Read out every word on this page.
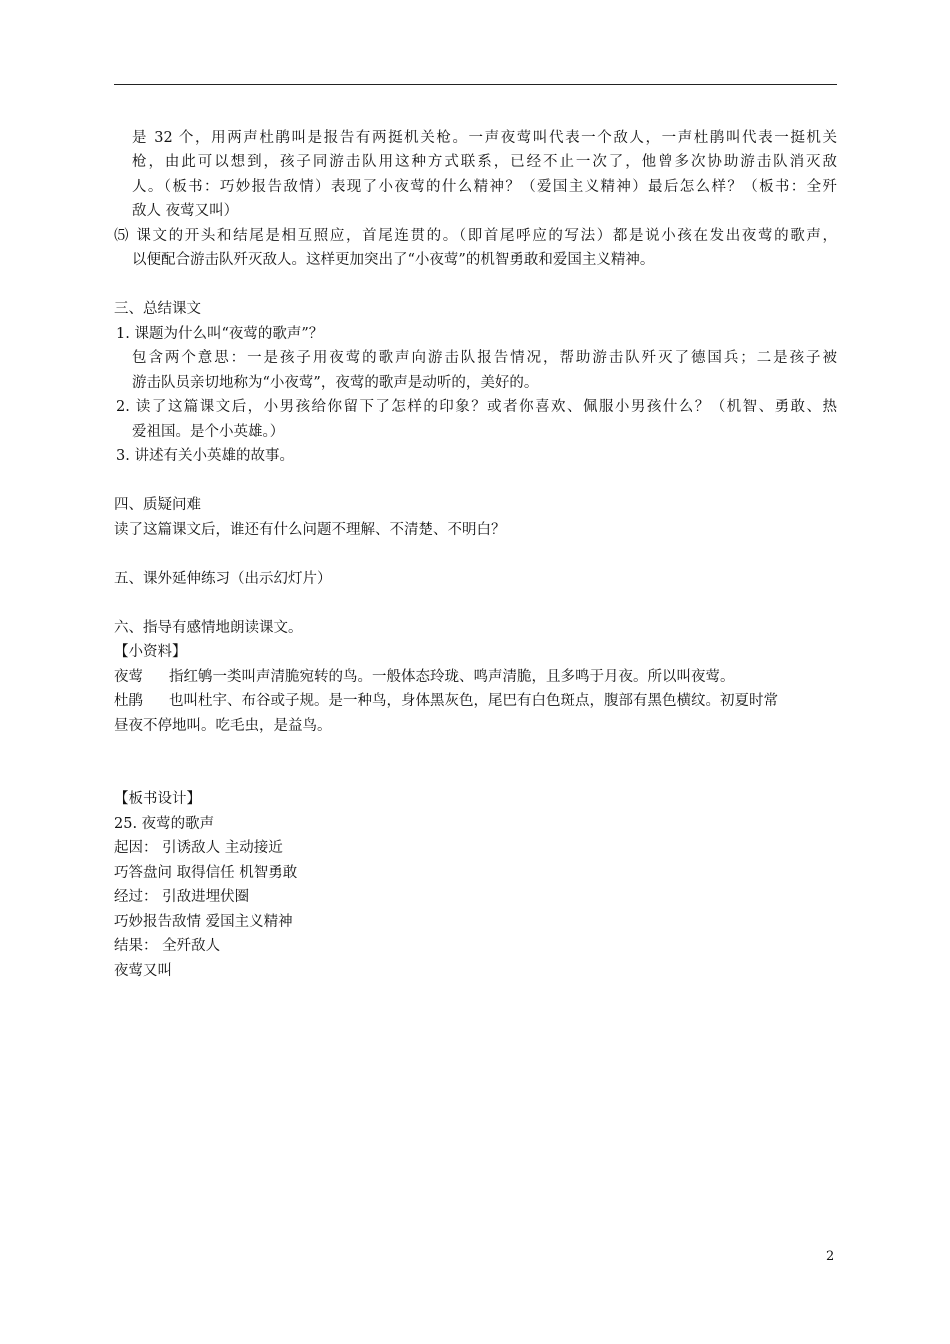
是 32 个，用两声杜鹃叫是报告有两挺机关枪。一声夜莺叫代表一个敌人，一声杜鹃叫代表一挺机关
枪，由此可以想到，孩子同游击队用这种方式联系，已经不止一次了，他曾多次协助游击队消灭敌
人。（板书：巧妙报告敌情）表现了小夜莺的什么精神？（爱国主义精神）最后怎么样？（板书：全歼
敌人 夜莺又叫）
⑸ 课文的开头和结尾是相互照应，首尾连贯的。（即首尾呼应的写法）都是说小孩在发出夜莺的歌声，
以便配合游击队歼灭敌人。这样更加突出了“小夜莺”的机智勇敢和爱国主义精神。
三、总结课文
1. 课题为什么叫“夜莺的歌声”？
包含两个意思：一是孩子用夜莺的歌声向游击队报告情况，帮助游击队歼灭了德国兵；二是孩子被
游击队员亲切地称为“小夜莺”，夜莺的歌声是动听的，美好的。
2. 读了这篇课文后，小男孩给你留下了怎样的印象？或者你喜欢、佩服小男孩什么？（机智、勇敢、热
爱祖国。是个小英雄。）
3. 讲述有关小英雄的故事。
四、质疑问难
读了这篇课文后，谁还有什么问题不理解、不清楚、不明白？
五、课外延伸练习（出示幻灯片）
六、指导有感情地朗读课文。
【小资料】
夜莺 指红鸲一类叫声清脆宛转的鸟。一般体态玲珑、鸣声清脆，且多鸣于月夜。所以叫夜莺。
杜鹃 也叫杜宇、布谷或子规。是一种鸟，身体黑灰色，尾巴有白色斑点，腹部有黑色横纹。初夏时常
昼夜不停地叫。吃毛虫，是益鸟。
【板书设计】
25. 夜莺的歌声
起因： 引诱敌人 主动接近
巧答盘问 取得信任 机智勇敢
经过： 引敌进埋伏圈
巧妙报告敌情 爱国主义精神
结果： 全歼敌人
夜莺又叫
2
